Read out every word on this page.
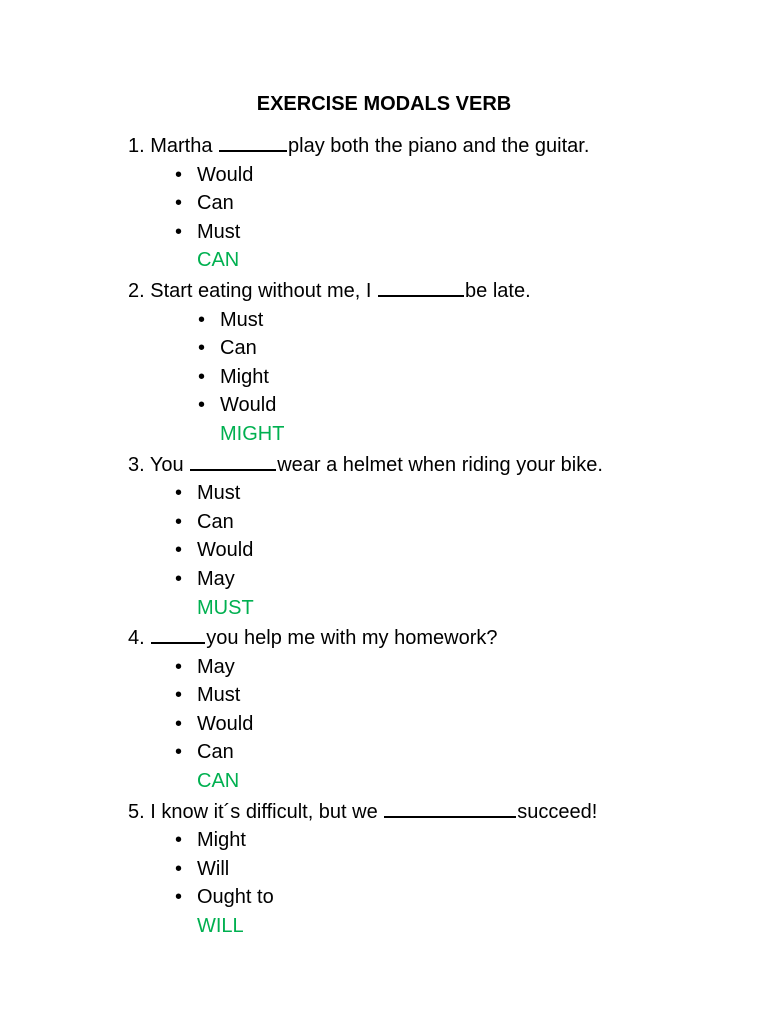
EXERCISE MODALS VERB
1. Martha	play both the piano and the guitar.
• Would
• Can
• Must
CAN
2. Start eating without me, I	be late.
• Must
• Can
• Might
• Would
MIGHT
3. You	wear a helmet when riding your bike.
• Must
• Can
• Would
• May
MUST
4.	you help me with my homework?
• May
• Must
• Would
• Can
CAN
5. I know it´s difficult, but we	succeed!
• Might
• Will
• Ought to
WILL
